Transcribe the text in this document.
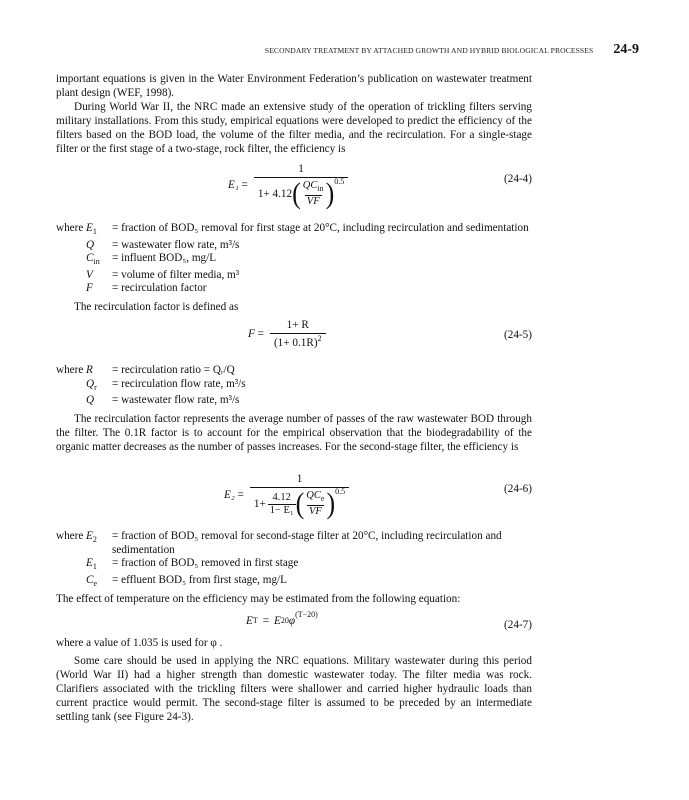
SECONDARY TREATMENT BY ATTACHED GROWTH AND HYBRID BIOLOGICAL PROCESSES 24-9

important equations is given in the Water Environment Federation’s publication on wastewater treatment plant design (WEF, 1998).

During World War II, the NRC made an extensive study of the operation of trickling filters serving military installations. From this study, empirical equations were developed to predict the efficiency of the filters based on the BOD load, the volume of the filter media, and the recirculation. For a single-stage filter or the first stage of a two-stage, rock filter, the efficiency is

E₁ =
1
1+ 4.12 ( $\frac{QC_{in}}{VF} )^{0.5}$	(24-4)
where	$E_1$	= fraction of BOD₅ removal for first stage at 20°C, including recirculation and sedimentation
	Q	= wastewater flow rate, m³/s
	$C_{in}$	= influent BOD₅, mg/L
	V	= volume of filter media, m³
	F	= recirculation factor

The recirculation factor is defined as

$F = \frac{1+ R}{(1+ 0.1R)^2}$	(24-5)
where	R	= recirculation ratio = Qᵣ/Q
	$Q_r$	= recirculation flow rate, m³/s
	Q	= wastewater flow rate, m³/s

The recirculation factor represents the average number of passes of the raw wastewater BOD through the filter. The 0.1R factor is to account for the empirical observation that the biodegradability of the organic matter decreases as the number of passes increases. For the second-stage filter, the efficiency is

E₂ =
1
$1+ \frac{4.12}{\text{1− E₁}}$ ( $\frac{QC_e}{VF} )^{0.5}$	(24-6)
where	$E_2$	= fraction of BOD₅ removal for second-stage filter at 20°C, including recirculation and sedimentation
	$E_1$	= fraction of BOD₅ removed in first stage
	$C_e$	= effluent BOD₅ from first stage, mg/L

The effect of temperature on the efficiency may be estimated from the following equation:

E T = E 20 φ
$^{(T-20)}$
(24-7)

where a value of 1.035 is used for φ .

Some care should be used in applying the NRC equations. Military wastewater during this period (World War II) had a higher strength than domestic wastewater today. The filter media was rock. Clarifiers associated with the trickling filters were shallower and carried higher hydraulic loads than current practice would permit. The second-stage filter is assumed to be preceded by an intermediate settling tank (see Figure 24-3).
